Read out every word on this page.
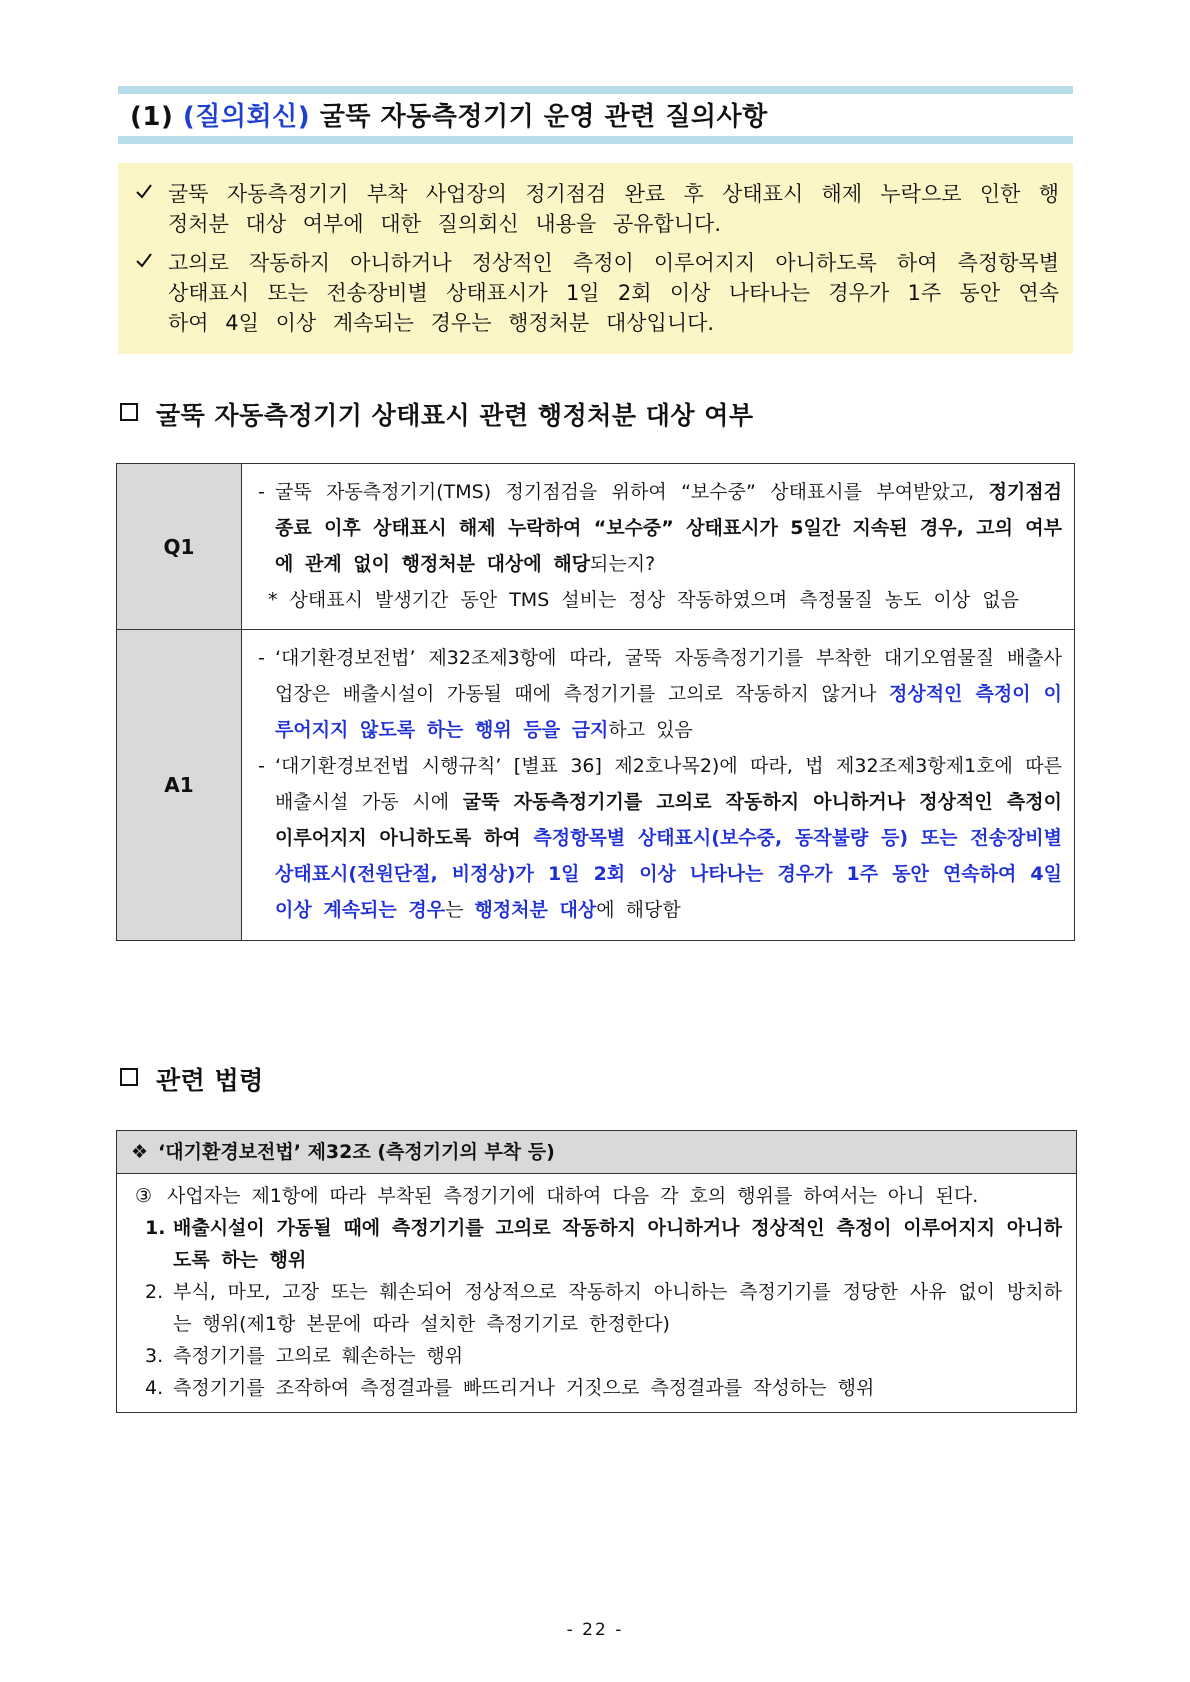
(1) (질의회신) 굴뚝 자동측정기기 운영 관련 질의사항
굴뚝 자동측정기기 부착 사업장의 정기점검 완료 후 상태표시 해제 누락으로 인한 행정처분 대상 여부에 대한 질의회신 내용을 공유합니다.
고의로 작동하지 아니하거나 정상적인 측정이 이루어지지 아니하도록 하여 측정항목별 상태표시 또는 전송장비별 상태표시가 1일 2회 이상 나타나는 경우가 1주 동안 연속하여 4일 이상 계속되는 경우는 행정처분 대상입니다.
굴뚝 자동측정기기 상태표시 관련 행정처분 대상 여부
Q1	- 굴뚝 자동측정기기(TMS) 정기점검을 위하여 “보수중” 상태표시를 부여받았고, 정기점검 종료 이후 상태표시 해제 누락하여 “보수중” 상태표시가 5일간 지속된 경우, 고의 여부에 관계 없이 행정처분 대상에 해당되는지?
* 상태표시 발생기간 동안 TMS 설비는 정상 작동하였으며 측정물질 농도 이상 없음

A1	- ‘대기환경보전법’ 제32조제3항에 따라, 굴뚝 자동측정기기를 부착한 대기오염물질 배출사업장은 배출시설이 가동될 때에 측정기기를 고의로 작동하지 않거나 정상적인 측정이 이루어지지 않도록 하는 행위 등을 금지하고 있음
- ‘대기환경보전법 시행규칙’ [별표 36] 제2호나목2)에 따라, 법 제32조제3항제1호에 따른 배출시설 가동 시에 굴뚝 자동측정기기를 고의로 작동하지 아니하거나 정상적인 측정이 이루어지지 아니하도록 하여 측정항목별 상태표시(보수중, 동작불량 등) 또는 전송장비별 상태표시(전원단절, 비정상)가 1일 2회 이상 나타나는 경우가 1주 동안 연속하여 4일 이상 계속되는 경우는 행정처분 대상에 해당함
관련 법령
❖ ‘대기환경보전법’ 제32조 (측정기기의 부착 등)
③ 사업자는 제1항에 따라 부착된 측정기기에 대하여 다음 각 호의 행위를 하여서는 아니 된다.
1. 배출시설이 가동될 때에 측정기기를 고의로 작동하지 아니하거나 정상적인 측정이 이루어지지 아니하도록 하는 행위
2. 부식, 마모, 고장 또는 훼손되어 정상적으로 작동하지 아니하는 측정기기를 정당한 사유 없이 방치하는 행위(제1항 본문에 따라 설치한 측정기기로 한정한다)
3. 측정기기를 고의로 훼손하는 행위
4. 측정기기를 조작하여 측정결과를 빠뜨리거나 거짓으로 측정결과를 작성하는 행위
- 22 -
